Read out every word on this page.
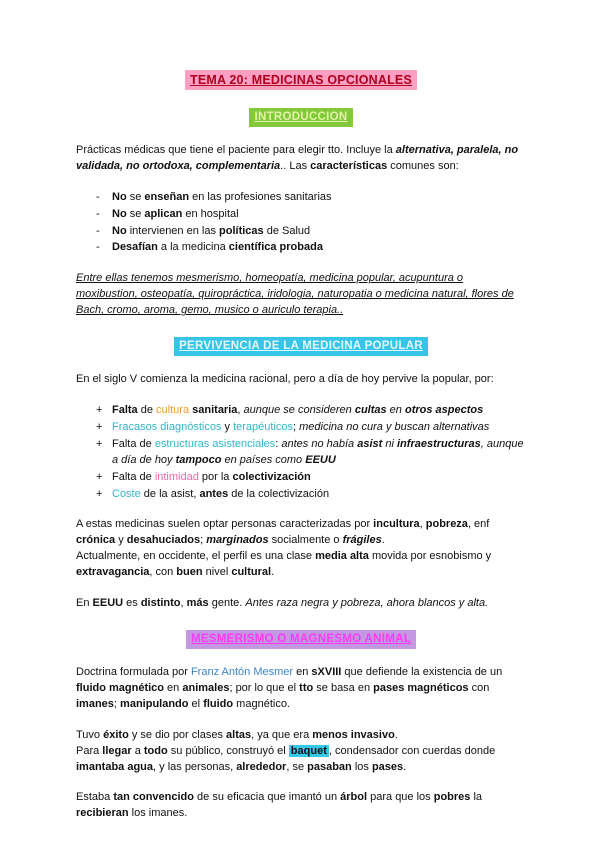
TEMA 20: MEDICINAS OPCIONALES
INTRODUCCION

Prácticas médicas que tiene el paciente para elegir tto. Incluye la alternativa, paralela, no validada, no ortodoxa, complementaria.. Las características comunes son:

-	No se enseñan en las profesiones sanitarias
-	No se aplican en hospital
-	No intervienen en las políticas de Salud
-	Desafían a la medicina científica probada

Entre ellas tenemos mesmerismo, homeopatía, medicina popular, acupuntura o moxibustion, osteopatía, quiropráctica, iridologia, naturopatia o medicina natural, flores de Bach, cromo, aroma, gemo, musico o auriculo terapia..

PERVIVENCIA DE LA MEDICINA POPULAR

En el siglo V comienza la medicina racional, pero a día de hoy pervive la popular, por:

+ Falta de cultura sanitaria, aunque se consideren cultas en otros aspectos
+ Fracasos diagnósticos y terapéuticos; medicina no cura y buscan alternativas
+ Falta de estructuras asistenciales: antes no había asist ni infraestructuras, aunque a día de hoy tampoco en países como EEUU
+ Falta de intimidad por la colectivización
+ Coste de la asist, antes de la colectivización

A estas medicinas suelen optar personas caracterizadas por incultura, pobreza, enf crónica y desahuciados; marginados socialmente o frágiles.

Actualmente, en occidente, el perfil es una clase media alta movida por esnobismo y extravagancia, con buen nivel cultural.

En EEUU es distinto, más gente. Antes raza negra y pobreza, ahora blancos y alta.

MESMERISMO O MAGNESMO ANIMAL

Doctrina formulada por Franz Antón Mesmer en sXVIII que defiende la existencia de un fluido magnético en animales; por lo que el tto se basa en pases magnéticos con imanes; manipulando el fluido magnético.

Tuvo éxito y se dio por clases altas, ya que era menos invasivo.

Para llegar a todo su público, construyó el baquet , condensador con cuerdas donde imantaba agua, y las personas, alrededor, se pasaban los pases.

Estaba tan convencido de su eficacia que imantó un árbol para que los pobres la recibieran los imanes.
